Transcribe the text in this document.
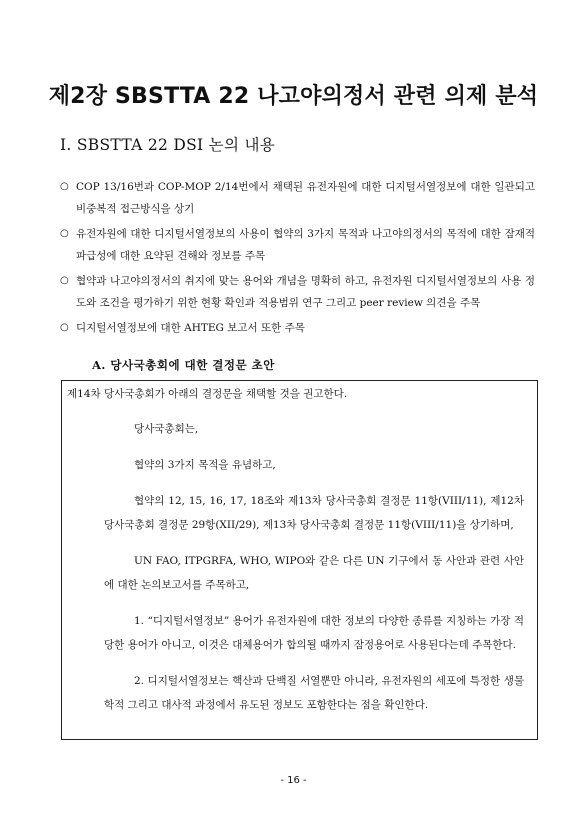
제2장 SBSTTA 22 나고야의정서 관련 의제 분석
I. SBSTTA 22 DSI 논의 내용
○ COP 13/16번과 COP-MOP 2/14번에서 채택된 유전자원에 대한 디지털서열정보에 대한 일관되고 비중복적 접근방식을 상기
○ 유전자원에 대한 디지털서열정보의 사용이 협약의 3가지 목적과 나고야의정서의 목적에 대한 잠재적 파급성에 대한 요약된 견해와 정보를 주목
○ 협약과 나고야의정서의 취지에 맞는 용어와 개념을 명확히 하고, 유전자원 디지털서열정보의 사용 정도와 조건을 평가하기 위한 현황 확인과 적용범위 연구 그리고 peer review 의견을 주목
○ 디지털서열정보에 대한 AHTEG 보고서 또한 주목
A. 당사국총회에 대한 결정문 초안
제14차 당사국총회가 아래의 결정문을 채택할 것을 권고한다.

당사국총회는,

협약의 3가지 목적을 유념하고,

협약의 12, 15, 16, 17, 18조와 제13차 당사국총회 결정문 11항(VIII/11), 제12차 당사국총회 결정문 29항(XII/29), 제13차 당사국총회 결정문 11항(VIII/11)을 상기하며,

UN FAO, ITPGRFA, WHO, WIPO와 같은 다른 UN 기구에서 동 사안과 관련 사안에 대한 논의보고서를 주목하고,

1. “디지털서열정보” 용어가 유전자원에 대한 정보의 다양한 종류를 지칭하는 가장 적당한 용어가 아니고, 이것은 대체용어가 합의될 때까지 잠정용어로 사용된다는데 주목한다.

2. 디지털서열정보는 핵산과 단백질 서열뿐만 아니라, 유전자원의 세포에 특정한 생물학적 그리고 대사적 과정에서 유도된 정보도 포함한다는 점을 확인한다.

- 16 -
